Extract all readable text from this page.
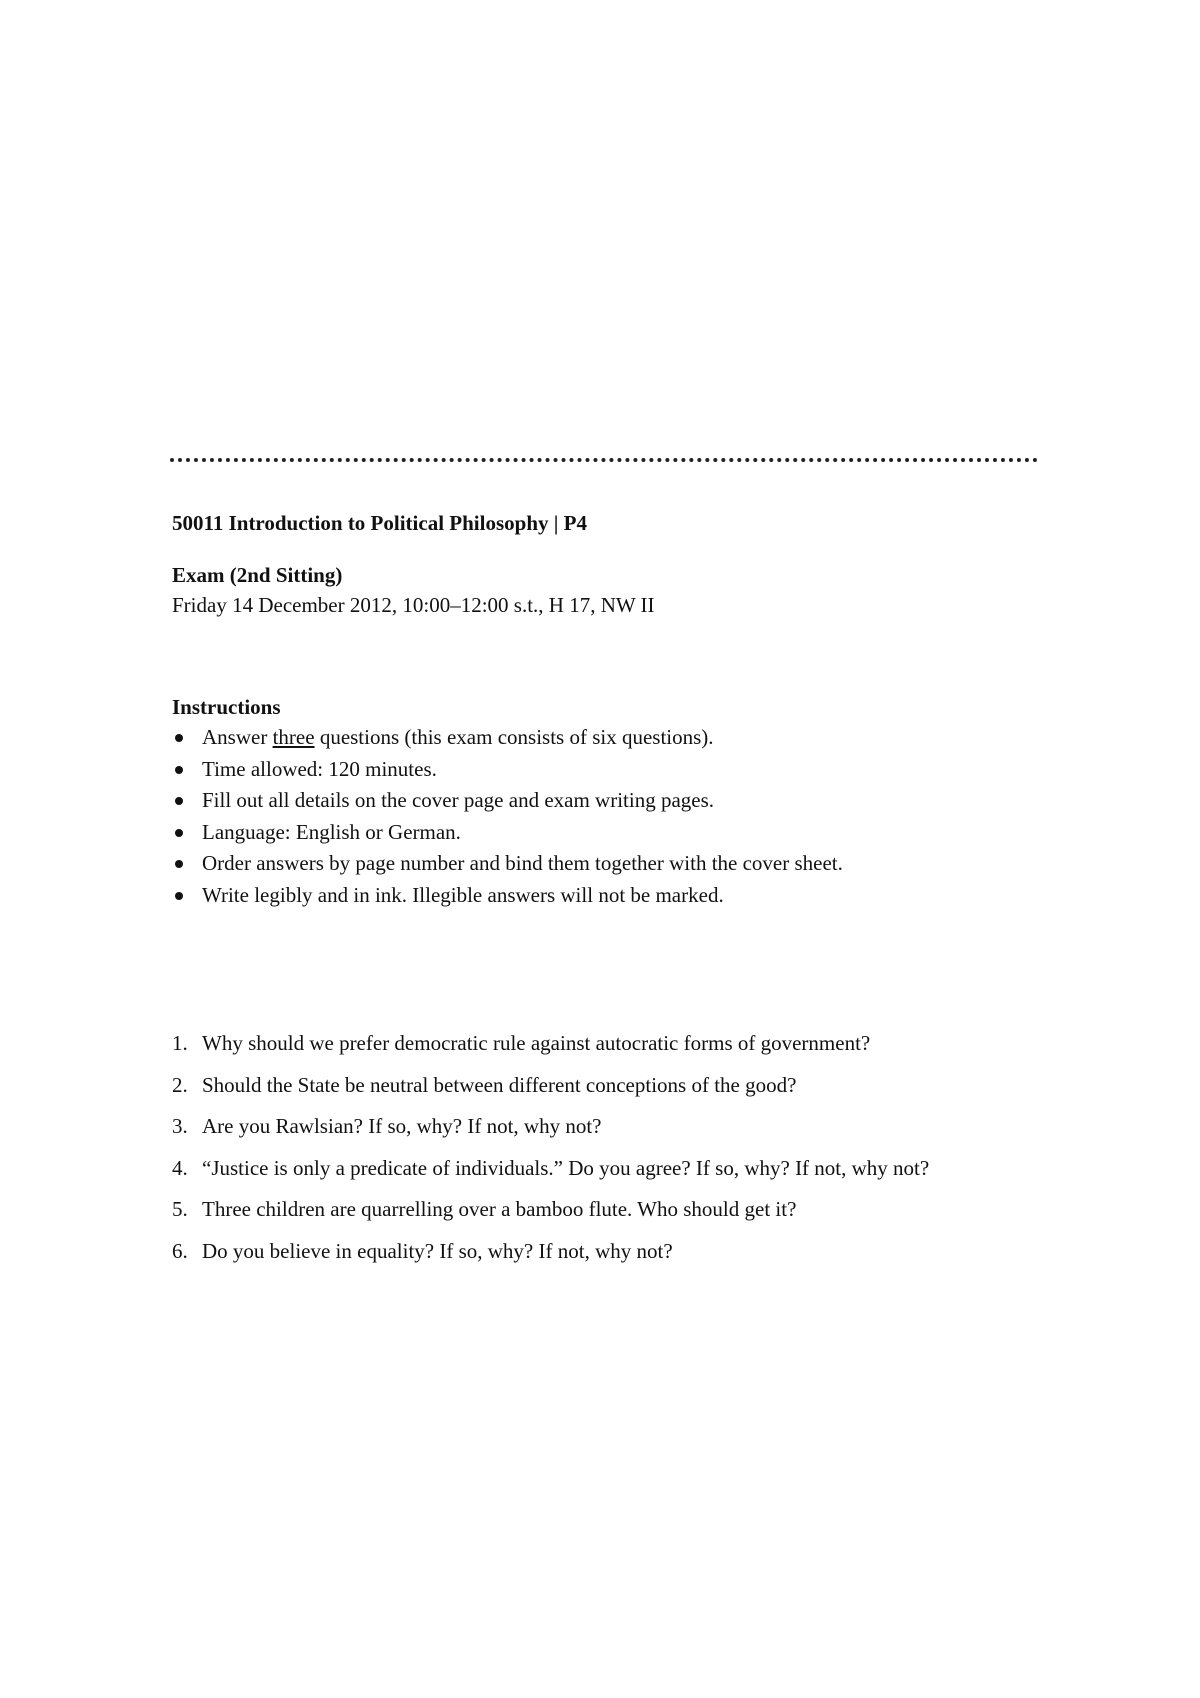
50011 Introduction to Political Philosophy | P4

Exam (2nd Sitting)

Friday 14 December 2012, 10:00–12:00 s.t., H 17, NW II

Instructions

Answer three questions (this exam consists of six questions).
Time allowed: 120 minutes.
Fill out all details on the cover page and exam writing pages.
Language: English or German.
Order answers by page number and bind them together with the cover sheet.
Write legibly and in ink. Illegible answers will not be marked.
1. Why should we prefer democratic rule against autocratic forms of government?
2. Should the State be neutral between different conceptions of the good?
3. Are you Rawlsian? If so, why? If not, why not?
4. “Justice is only a predicate of individuals.” Do you agree? If so, why? If not, why not?
5. Three children are quarrelling over a bamboo flute. Who should get it?
6. Do you believe in equality? If so, why? If not, why not?
